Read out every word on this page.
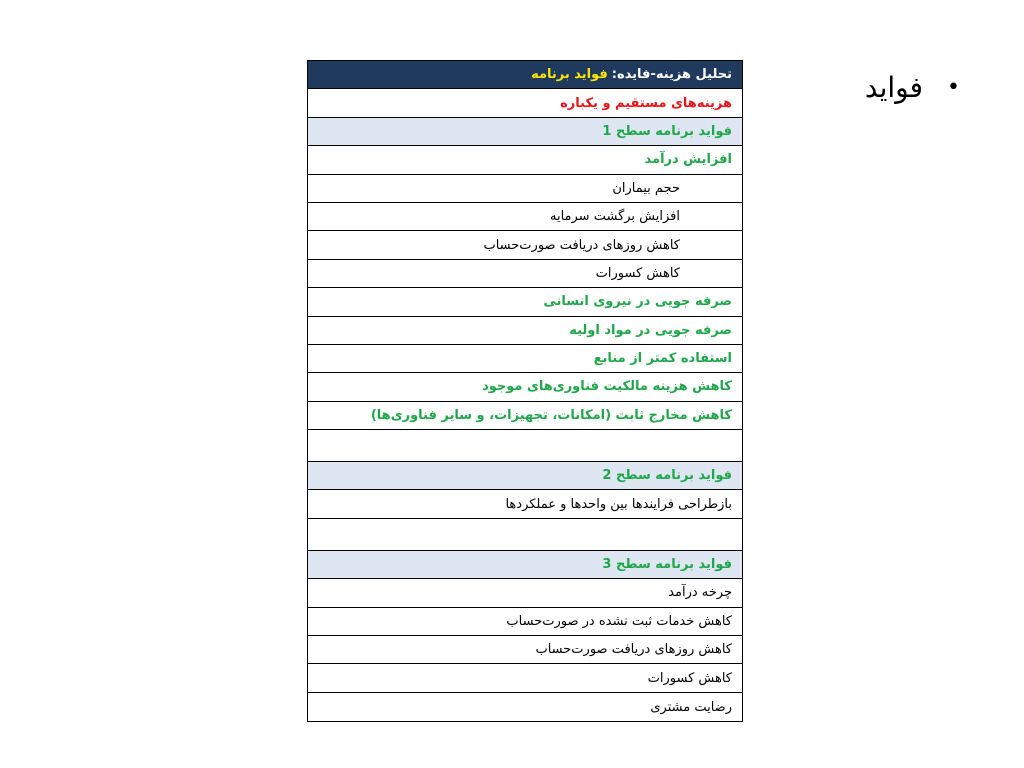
•
فواید
تحلیل هزینه-فایده:
فواید برنامه
هزینه‌های مستقیم و یکباره
فواید برنامه سطح 1
افزایش درآمد
حجم بیماران
افزایش برگشت سرمایه
کاهش روزهای دریافت صورت‌حساب
کاهش کسورات
صرفه جویی در نیروی انسانی
صرفه جویی در مواد اولیه
استفاده کمتر از منابع
کاهش هزینه مالکیت فناوری‌های موجود
کاهش مخارج ثابت (امکانات، تجهیزات، و سایر فناوری‌ها)
فواید برنامه سطح 2
بازطراحی فرایندها بین واحدها و عملکردها
فواید برنامه سطح 3
چرخه درآمد
کاهش خدمات ثبت نشده در صورت‌حساب
کاهش روزهای دریافت صورت‌حساب
کاهش کسورات
رضایت مشتری
